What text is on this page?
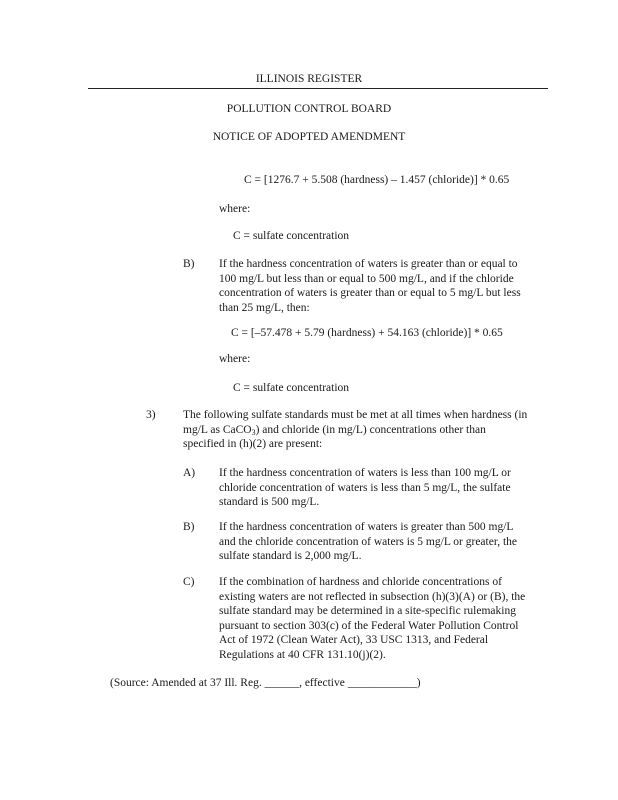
ILLINOIS REGISTER
POLLUTION CONTROL BOARD
NOTICE OF ADOPTED AMENDMENT
C = [1276.7 + 5.508 (hardness) – 1.457 (chloride)] * 0.65
where:
C = sulfate concentration
B) If the hardness concentration of waters is greater than or equal to
100 mg/L but less than or equal to 500 mg/L, and if the chloride
concentration of waters is greater than or equal to 5 mg/L but less
than 25 mg/L, then:
C = [–57.478 + 5.79 (hardness) + 54.163 (chloride)] * 0.65
where:
C = sulfate concentration
3) The following sulfate standards must be met at all times when hardness (in
mg/L as CaCO$_3$) and chloride (in mg/L) concentrations other than
specified in (h)(2) are present:
A) If the hardness concentration of waters is less than 100 mg/L or
chloride concentration of waters is less than 5 mg/L, the sulfate
standard is 500 mg/L.
B) If the hardness concentration of waters is greater than 500 mg/L
and the chloride concentration of waters is 5 mg/L or greater, the
sulfate standard is 2,000 mg/L.
C) If the combination of hardness and chloride concentrations of
existing waters are not reflected in subsection (h)(3)(A) or (B), the
sulfate standard may be determined in a site-specific rulemaking
pursuant to section 303(c) of the Federal Water Pollution Control
Act of 1972 (Clean Water Act), 33 USC 1313, and Federal
Regulations at 40 CFR 131.10(j)(2).
(Source: Amended at 37 Ill. Reg. ______, effective ____________)
